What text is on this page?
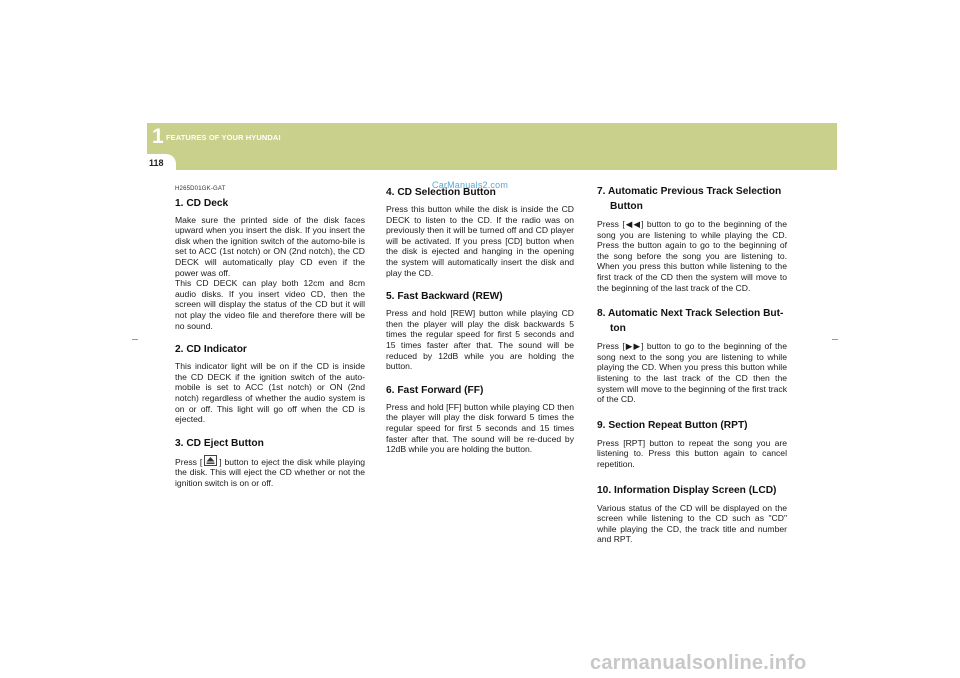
1 FEATURES OF YOUR HYUNDAI
118
H265D01GK-GAT
1. CD Deck

Make sure the printed side of the disk faces upward when you insert the disk. If you insert the disk when the ignition switch of the automo-bile is set to ACC (1st notch) or ON (2nd notch), the CD DECK will automatically play CD even if the power was off.

This CD DECK can play both 12cm and 8cm audio disks. If you insert video CD, then the screen will display the status of the CD but it will not play the video file and therefore there will be no sound.

2. CD Indicator

This indicator light will be on if the CD is inside the CD DECK if the ignition switch of the auto-mobile is set to ACC (1st notch) or ON (2nd notch) regardless of whether the audio system is on or off. This light will go off when the CD is ejected.

3. CD Eject Button

Press [ ] button to eject the disk while playing the disk. This will eject the CD whether or not the ignition switch is on or off.

4. CD Selection Button

Press this button while the disk is inside the CD DECK to listen to the CD. If the radio was on previously then it will be turned off and CD player will be activated. If you press [CD] button when the disk is ejected and hanging in the opening the system will automatically insert the disk and play the CD.

5. Fast Backward (REW)

Press and hold [REW] button while playing CD then the player will play the disk backwards 5 times the regular speed for first 5 seconds and 15 times faster after that. The sound will be reduced by 12dB while you are holding the button.

6. Fast Forward (FF)

Press and hold [FF] button while playing CD then the player will play the disk forward 5 times the regular speed for first 5 seconds and 15 times faster after that. The sound will be re-duced by 12dB while you are holding the button.

7. Automatic Previous Track Selection
Button

Press [◀◀] button to go to the beginning of the song you are listening to while playing the CD. Press the button again to go to the beginning of the song before the song you are listening to. When you press this button while listening to the first track of the CD then the system will move to the beginning of the last track of the CD.

8. Automatic Next Track Selection But-
ton

Press [▶▶] button to go to the beginning of the song next to the song you are listening to while playing the CD. When you press this button while listening to the last track of the CD then the system will move to the beginning of the first track of the CD.

9. Section Repeat Button (RPT)

Press [RPT] button to repeat the song you are listening to. Press this button again to cancel repetition.

10. Information Display Screen (LCD)

Various status of the CD will be displayed on the screen while listening to the CD such as "CD" while playing the CD, the track title and number and RPT.

CarManuals2.com
carmanualsonline.info
